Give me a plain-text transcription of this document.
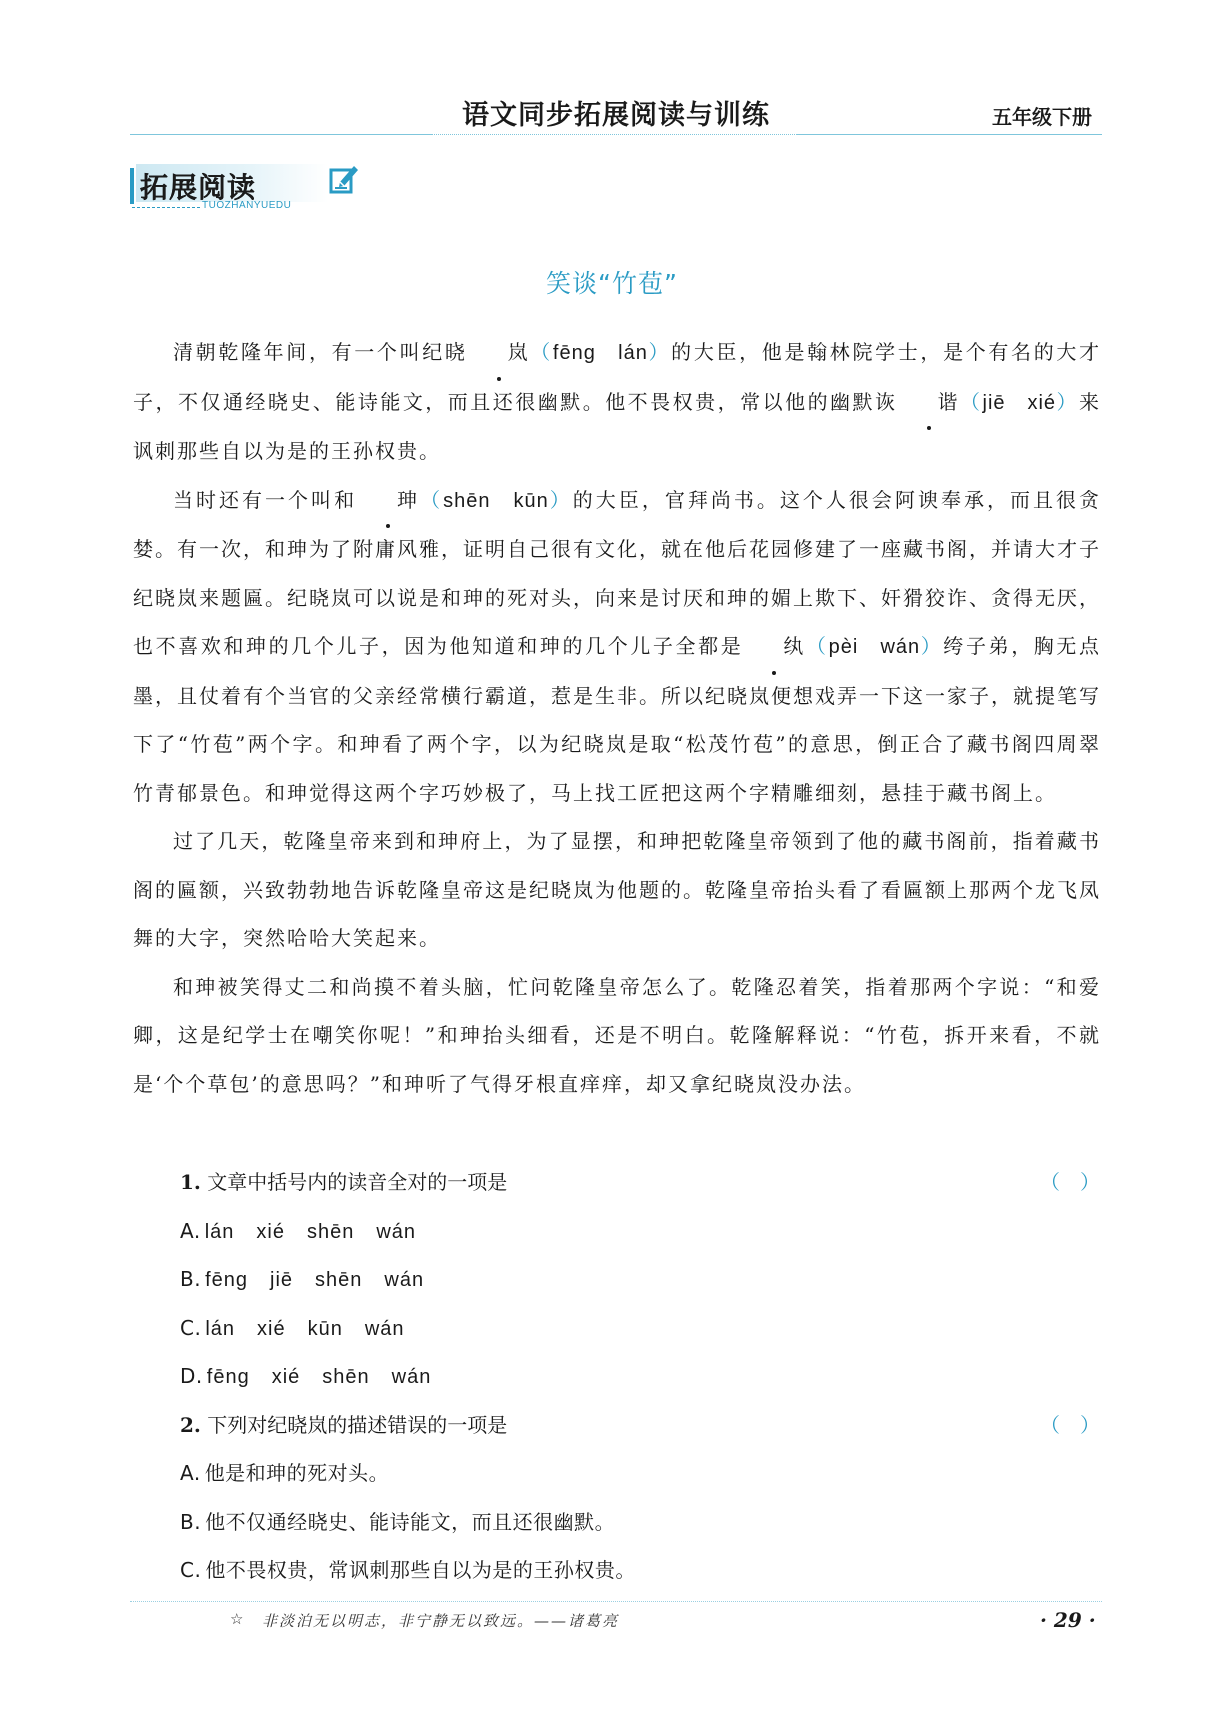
语文同步拓展阅读与训练	五年级下册
拓展阅读
TUOZHANYUEDU
笑谈“竹苞”

清朝乾隆年间，有一个叫纪晓 岚（fēng　lán）的大臣，他是翰林院学士，是个有名的大才子，不仅通经晓史、能诗能文，而且还很幽默。他不畏权贵，常以他的幽默诙 谐（jiē　xié）来讽刺那些自以为是的王孙权贵。

当时还有一个叫和 珅（shēn　kūn）的大臣，官拜尚书。这个人很会阿谀奉承，而且很贪婪。有一次，和珅为了附庸风雅，证明自己很有文化，就在他后花园修建了一座藏书阁，并请大才子纪晓岚来题匾。纪晓岚可以说是和珅的死对头，向来是讨厌和珅的媚上欺下、奸猾狡诈、贪得无厌，也不喜欢和珅的几个儿子，因为他知道和珅的几个儿子全都是 纨（pèi　wán）绔子弟，胸无点墨，且仗着有个当官的父亲经常横行霸道，惹是生非。所以纪晓岚便想戏弄一下这一家子，就提笔写下了“竹苞”两个字。和珅看了两个字，以为纪晓岚是取“松茂竹苞”的意思，倒正合了藏书阁四周翠竹青郁景色。和珅觉得这两个字巧妙极了，马上找工匠把这两个字精雕细刻，悬挂于藏书阁上。

过了几天，乾隆皇帝来到和珅府上，为了显摆，和珅把乾隆皇帝领到了他的藏书阁前，指着藏书阁的匾额，兴致勃勃地告诉乾隆皇帝这是纪晓岚为他题的。乾隆皇帝抬头看了看匾额上那两个龙飞凤舞的大字，突然哈哈大笑起来。

和珅被笑得丈二和尚摸不着头脑，忙问乾隆皇帝怎么了。乾隆忍着笑，指着那两个字说：“和爱卿，这是纪学士在嘲笑你呢！”和珅抬头细看，还是不明白。乾隆解释说：“竹苞，拆开来看，不就是‘个个草包’的意思吗？”和珅听了气得牙根直痒痒，却又拿纪晓岚没办法。

1. 文章中括号内的读音全对的一项是	（　）
A. lán xié shēn wán
B. fēng jiē shēn wán
C. lán xié kūn wán
D. fēng xié shēn wán
2. 下列对纪晓岚的描述错误的一项是	（　）
A. 他是和珅的死对头。
B. 他不仅通经晓史、能诗能文，而且还很幽默。
C. 他不畏权贵，常讽刺那些自以为是的王孙权贵。
☆ 非淡泊无以明志，非宁静无以致远。——诸葛亮	· 29 ·
